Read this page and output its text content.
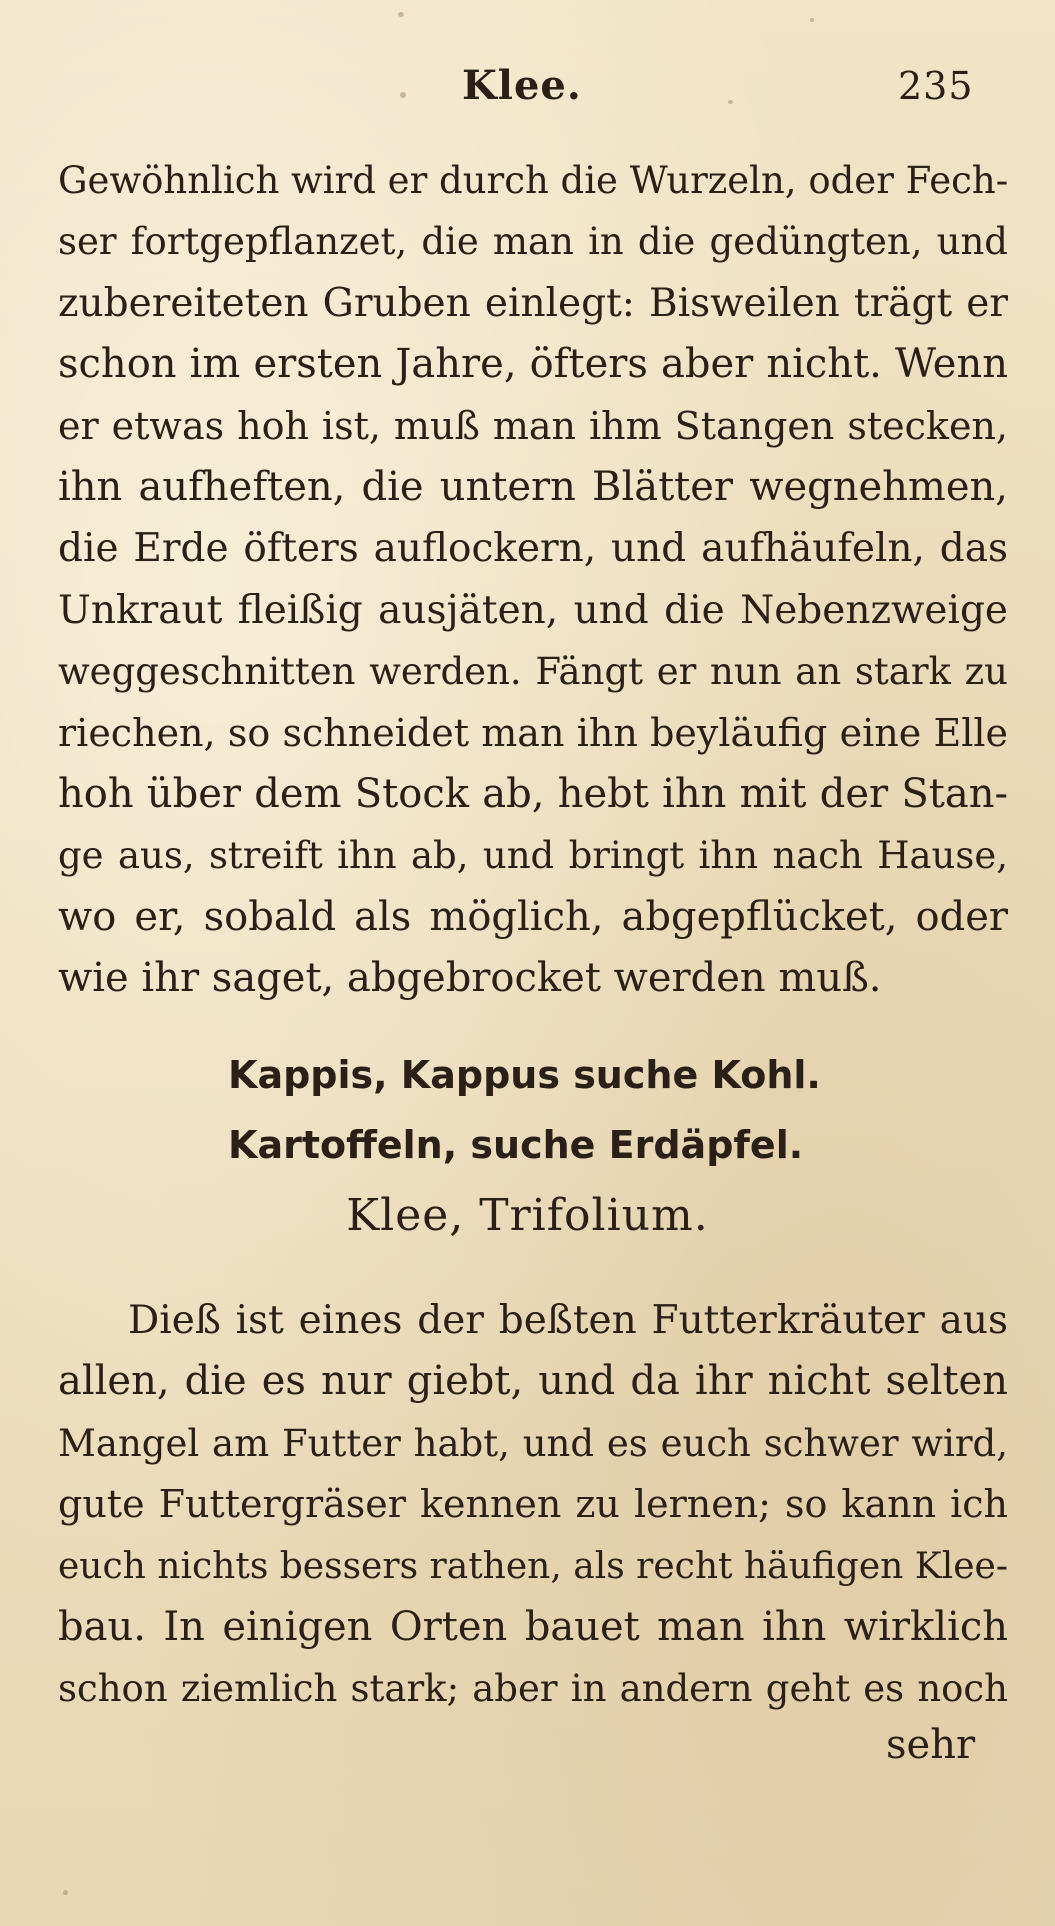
Klee.	235
Gewöhnlich wird er durch die Wurzeln, oder Fech-
ser fortgepflanzet, die man in die gedüngten, und
zubereiteten Gruben einlegt: Bisweilen trägt er
schon im ersten Jahre, öfters aber nicht. Wenn
er etwas hoh ist, muß man ihm Stangen stecken,
ihn aufheften, die untern Blätter wegnehmen,
die Erde öfters auflockern, und aufhäufeln, das
Unkraut fleißig ausjäten, und die Nebenzweige
weggeschnitten werden. Fängt er nun an stark zu
riechen, so schneidet man ihn beyläufig eine Elle
hoh über dem Stock ab, hebt ihn mit der Stan-
ge aus, streift ihn ab, und bringt ihn nach Hause,
wo er, sobald als möglich, abgepflücket, oder
wie ihr saget, abgebrocket werden muß.
Kappis, Kappus suche Kohl.
Kartoffeln, suche Erdäpfel.
Klee, Trifolium.
Dieß ist eines der beßten Futterkräuter aus
allen, die es nur giebt, und da ihr nicht selten
Mangel am Futter habt, und es euch schwer wird,
gute Futtergräser kennen zu lernen; so kann ich
euch nichts bessers rathen, als recht häufigen Klee-
bau. In einigen Orten bauet man ihn wirklich
schon ziemlich stark; aber in andern geht es noch
sehr
